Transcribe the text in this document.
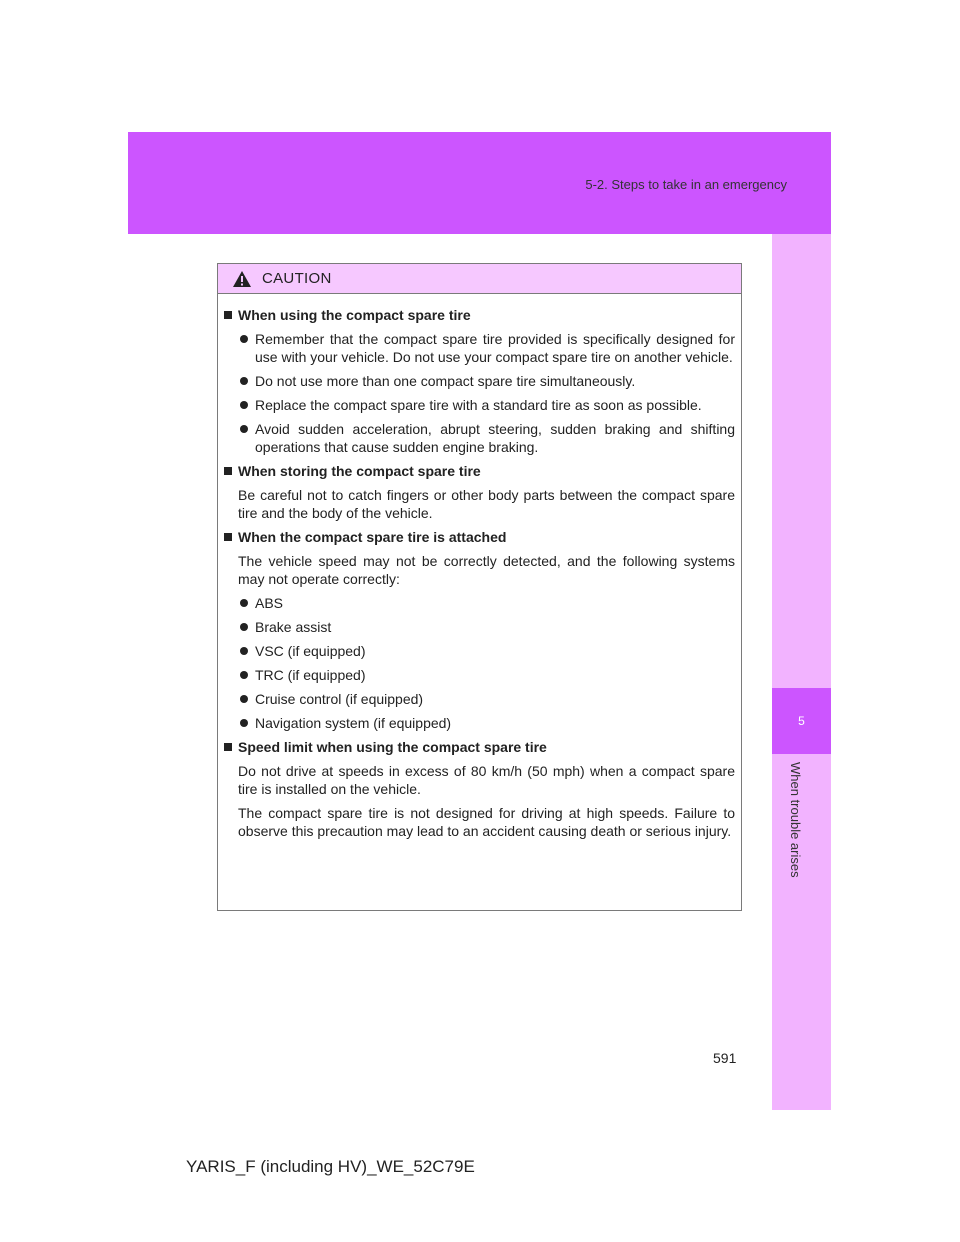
5-2. Steps to take in an emergency
5
When trouble arises
CAUTION
When using the compact spare tire
Remember that the compact spare tire provided is specifically designed for use with your vehicle. Do not use your compact spare tire on another vehicle.
Do not use more than one compact spare tire simultaneously.
Replace the compact spare tire with a standard tire as soon as possible.
Avoid sudden acceleration, abrupt steering, sudden braking and shifting operations that cause sudden engine braking.
When storing the compact spare tire
Be careful not to catch fingers or other body parts between the compact spare tire and the body of the vehicle.
When the compact spare tire is attached
The vehicle speed may not be correctly detected, and the following systems may not operate correctly:
ABS
Brake assist
VSC (if equipped)
TRC (if equipped)
Cruise control (if equipped)
Navigation system (if equipped)
Speed limit when using the compact spare tire
Do not drive at speeds in excess of 80 km/h (50 mph) when a compact spare tire is installed on the vehicle.
The compact spare tire is not designed for driving at high speeds. Failure to observe this precaution may lead to an accident causing death or serious injury.
591
YARIS_F (including HV)_WE_52C79E
